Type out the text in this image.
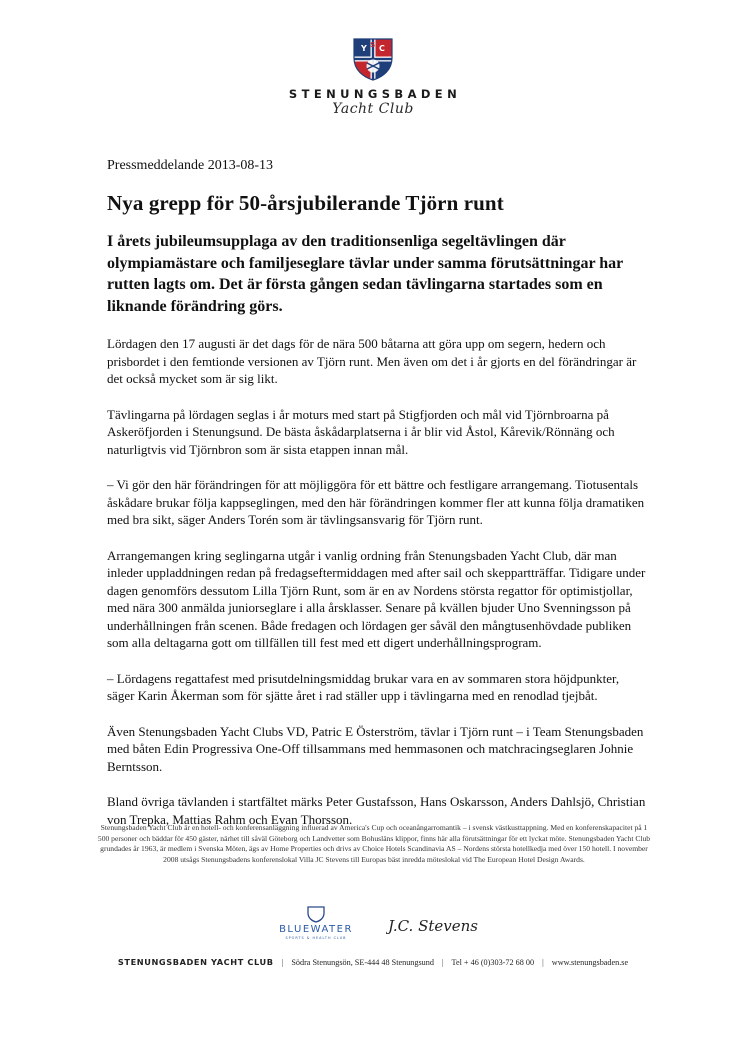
Y S C
STENUNGSBADEN
Yacht Club

Pressmeddelande 2013-08-13

Nya grepp för 50-årsjubilerande Tjörn runt

I årets jubileumsupplaga av den traditionsenliga segeltävlingen där olympiamästare och familjeseglare tävlar under samma förutsättningar har rutten lagts om. Det är första gången sedan tävlingarna startades som en liknande förändring görs.

Lördagen den 17 augusti är det dags för de nära 500 båtarna att göra upp om segern, hedern och prisbordet i den femtionde versionen av Tjörn runt. Men även om det i år gjorts en del förändringar är det också mycket som är sig likt.

Tävlingarna på lördagen seglas i år moturs med start på Stigfjorden och mål vid Tjörnbroarna på Askeröfjorden i Stenungsund. De bästa åskådarplatserna i år blir vid Åstol, Kårevik/Rönnäng och naturligtvis vid Tjörnbron som är sista etappen innan mål.

– Vi gör den här förändringen för att möjliggöra för ett bättre och festligare arrangemang. Tiotusentals åskådare brukar följa kappseglingen, med den här förändringen kommer fler att kunna följa dramatiken med bra sikt, säger Anders Torén som är tävlingsansvarig för Tjörn runt.

Arrangemangen kring seglingarna utgår i vanlig ordning från Stenungsbaden Yacht Club, där man inleder uppladdningen redan på fredagseftermiddagen med after sail och skeppartträffar. Tidigare under dagen genomförs dessutom Lilla Tjörn Runt, som är en av Nordens största regattor för optimistjollar, med nära 300 anmälda juniorseglare i alla årsklasser. Senare på kvällen bjuder Uno Svenningsson på underhållningen från scenen. Både fredagen och lördagen ger såväl den mångtusenhövdade publiken som alla deltagarna gott om tillfällen till fest med ett digert underhållningsprogram.

– Lördagens regattafest med prisutdelningsmiddag brukar vara en av sommaren stora höjdpunkter, säger Karin Åkerman som för sjätte året i rad ställer upp i tävlingarna med en renodlad tjejbåt.

Även Stenungsbaden Yacht Clubs VD, Patric E Österström, tävlar i Tjörn runt – i Team Stenungsbaden med båten Edin Progressiva One-Off tillsammans med hemmasonen och matchracingseglaren Johnie Berntsson.

Bland övriga tävlanden i startfältet märks Peter Gustafsson, Hans Oskarsson, Anders Dahlsjö, Christian von Trepka, Mattias Rahm och Evan Thorsson.

Stenungsbaden Yacht Club är en hotell- och konferensanläggning influerad av America's Cup och oceanångarromantik – i svensk västkusttappning. Med en konferenskapacitet på 1 500 personer och bäddar för 450 gäster, närhet till såväl Göteborg och Landvetter som Bohusläns klippor, finns här alla förutsättningar för ett lyckat möte. Stenungsbaden Yacht Club grundades år 1963, är medlem i Svenska Möten, ägs av Home Properties och drivs av Choice Hotels Scandinavia AS – Nordens största hotellkedja med över 150 hotell. I november 2008 utsågs Stenungsbadens konferenslokal Villa JC Stevens till Europas bäst inredda möteslokal vid The European Hotel Design Awards.
BLUEWATER
SPORTS & HEALTH CLUB
J.C. Stevens
STENUNGSBADEN YACHT CLUB | Södra Stenungsön, SE-444 48 Stenungsund | Tel + 46 (0)303-72 68 00 | www.stenungsbaden.se
